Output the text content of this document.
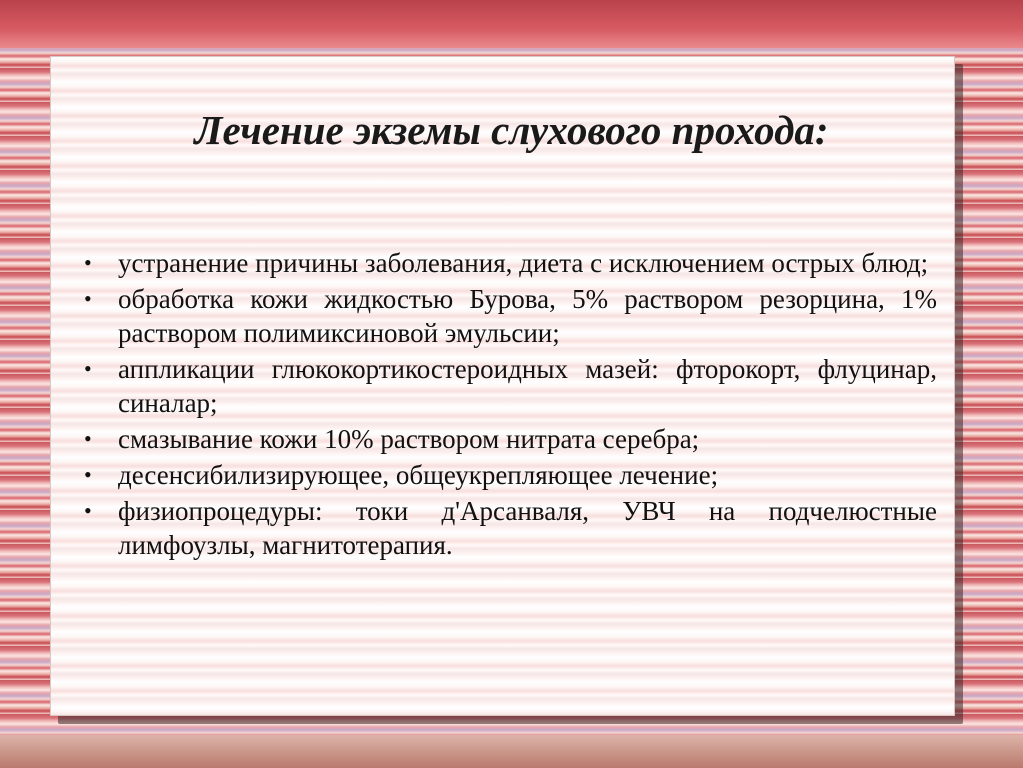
Лечение экземы слухового прохода:
• устранение причины заболевания, диета с исключением острых блюд;
• обработка кожи жидкостью Бурова, 5% раствором резорцина, 1% раствором полимиксиновой эмульсии;
• аппликации глюкокортикостероидных мазей: фторокорт, флуцинар, синалар;
• смазывание кожи 10% раствором нитрата серебра;
• десенсибилизирующее, общеукрепляющее лечение;
• физиопроцедуры: токи д'Арсанваля, УВЧ на подчелюстные лимфоузлы, магнитотерапия.
